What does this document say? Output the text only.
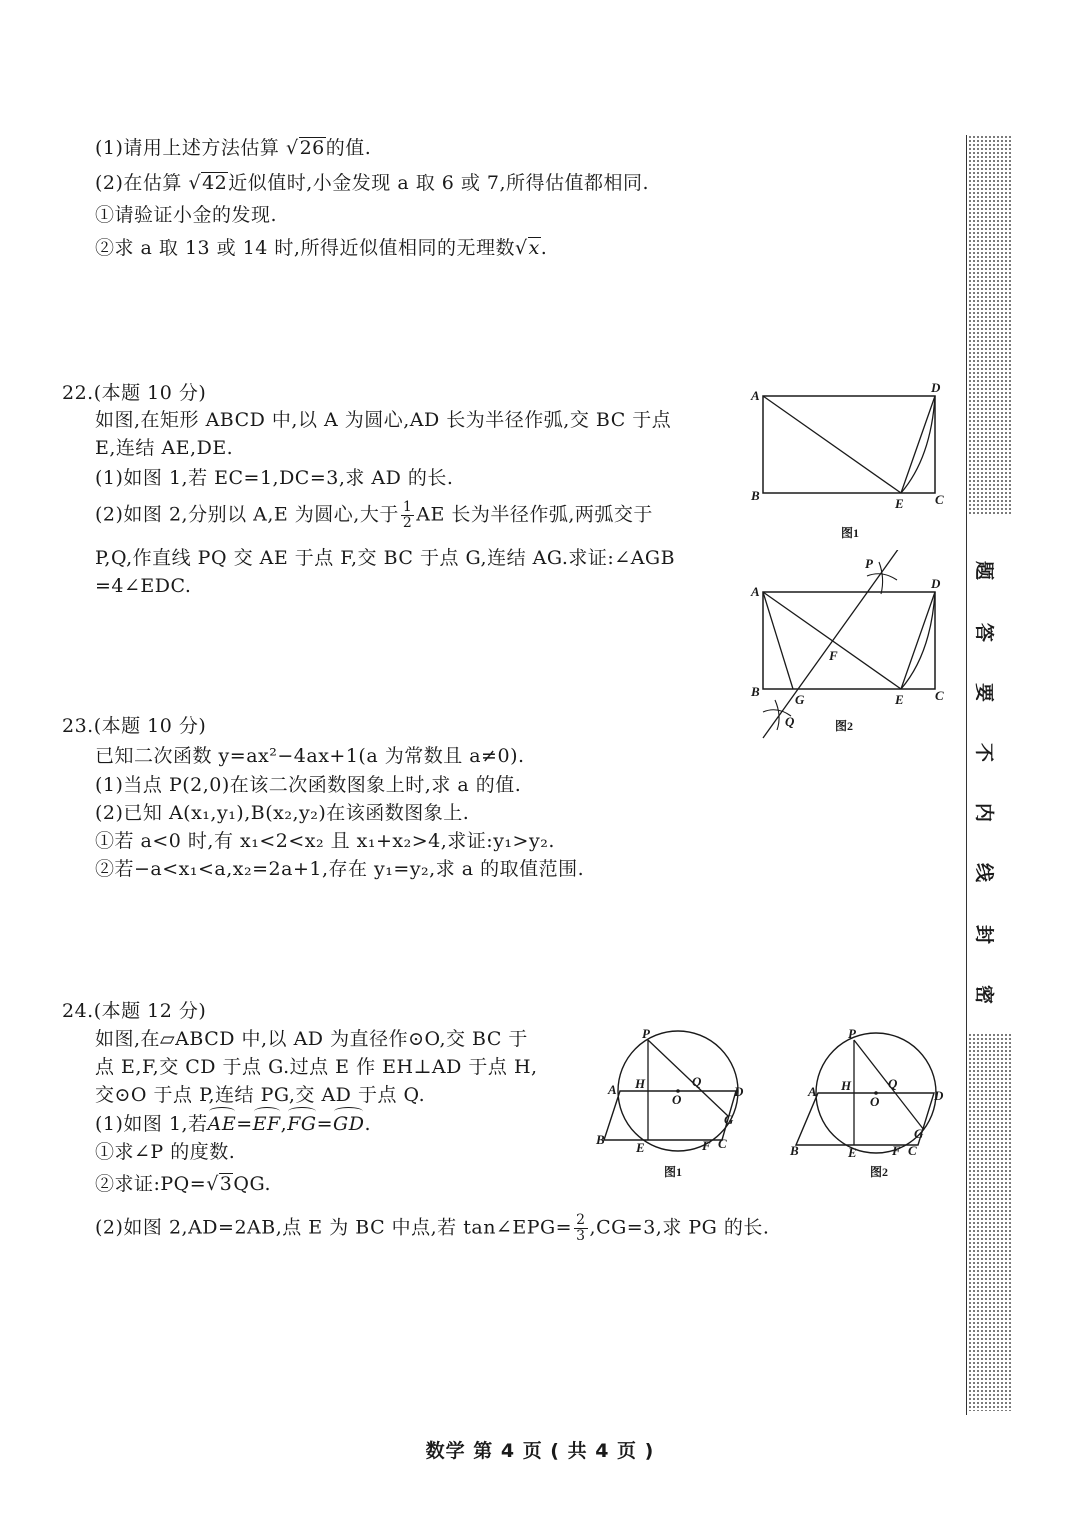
(1)请用上述方法估算 √26的值.
(2)在估算 √42近似值时,小金发现 a 取 6 或 7,所得估值都相同.
①请验证小金的发现.
②求 a 取 13 或 14 时,所得近似值相同的无理数√x.
22.(本题 10 分)
如图,在矩形 ABCD 中,以 A 为圆心,AD 长为半径作弧,交 BC 于点
E,连结 AE,DE.
(1)如图 1,若 EC=1,DC=3,求 AD 的长.
(2)如图 2,分别以 A,E 为圆心,大于 $\frac{1}{2}$ AE 长为半径作弧,两弧交于
P,Q,作直线 PQ 交 AE 于点 F,交 BC 于点 G,连结 AG.求证:∠AGB
=4∠EDC.
A
D
B
E C
图1
A
D
B
E C
F
G
P
Q	图2
23.(本题 10 分)
已知二次函数 y=ax²−4ax+1(a 为常数且 a≠0).
(1)当点 P(2,0)在该二次函数图象上时,求 a 的值.
(2)已知 A(x₁,y₁),B(x₂,y₂)在该函数图象上.
①若 a<0 时,有 x₁<2<x₂ 且 x₁+x₂>4,求证:y₁>y₂.
②若−a<x₁<a,x₂=2a+1,存在 y₁=y₂,求 a 的取值范围.
24.(本题 12 分)
如图,在▱ABCD 中,以 AD 为直径作⊙O,交 BC 于
点 E,F,交 CD 于点 G.过点 E 作 EH⊥AD 于点 H,
交⊙O 于点 P,连结 PG,交 AD 于点 Q.
(1)如图 1,若AE=EF,FG=GD.
①求∠P 的度数.
②求证:PQ=√3QG.
(2)如图 2,AD=2AB,点 E 为 BC 中点,若 tan∠EPG= $\frac{2}{3} ,CG=3$,求 PG 的长.
P
A H
O
Q
D
G
B
E	F C
图1
P
A H
O
Q
D
G
B	E	F C
图2
题
答
要
不
内
线
封
密
数学 第 4 页 ( 共 4 页 )
